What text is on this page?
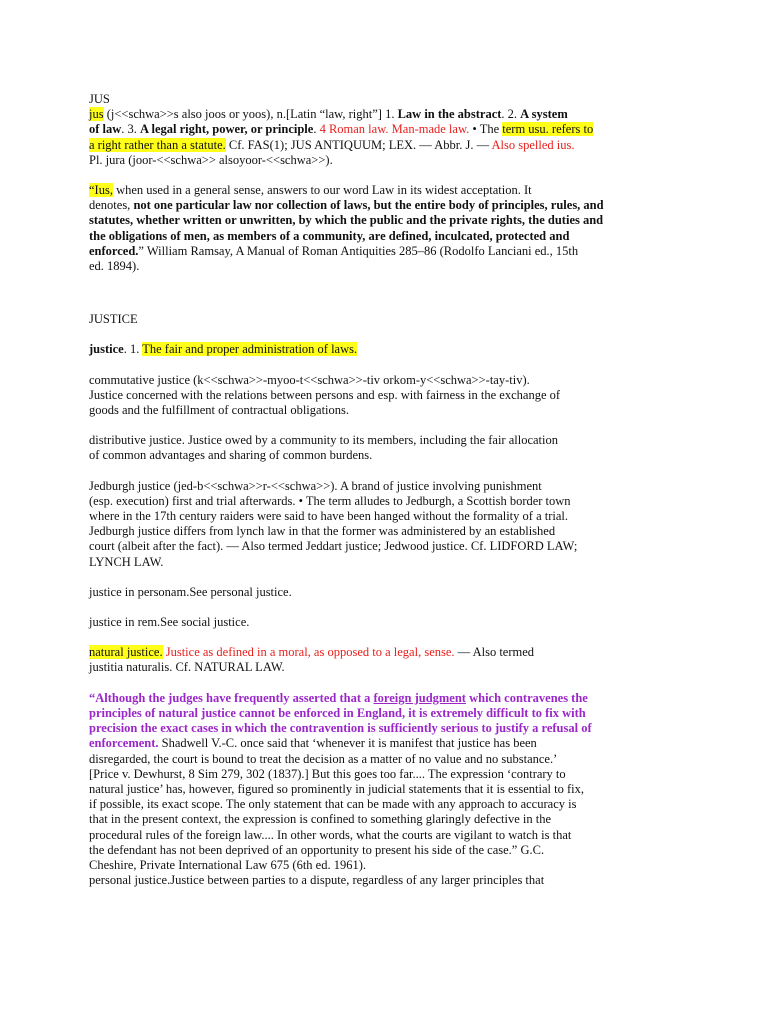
JUS

jus (j<<schwa>>s also joos or yoos), n.[Latin “law, right”] 1. Law in the abstract. 2. A system

of law. 3. A legal right, power, or principle. 4 Roman law. Man-made law. • The term usu. refers to

a right rather than a statute. Cf. FAS(1); JUS ANTIQUUM; LEX. — Abbr. J. — Also spelled ius.

Pl. jura (joor-<<schwa>> alsoyoor-<<schwa>>).

“Ius, when used in a general sense, answers to our word Law in its widest acceptation. It

denotes, not one particular law nor collection of laws, but the entire body of principles, rules, and

statutes, whether written or unwritten, by which the public and the private rights, the duties and

the obligations of men, as members of a community, are defined, inculcated, protected and

enforced.” William Ramsay, A Manual of Roman Antiquities 285–86 (Rodolfo Lanciani ed., 15th

ed. 1894).

JUSTICE

justice. 1. The fair and proper administration of laws.

commutative justice (k<<schwa>>-myoo-t<<schwa>>-tiv orkom-y<<schwa>>-tay-tiv).

Justice concerned with the relations between persons and esp. with fairness in the exchange of

goods and the fulfillment of contractual obligations.

distributive justice. Justice owed by a community to its members, including the fair allocation

of common advantages and sharing of common burdens.

Jedburgh justice (jed-b<<schwa>>r-<<schwa>>). A brand of justice involving punishment

(esp. execution) first and trial afterwards. • The term alludes to Jedburgh, a Scottish border town

where in the 17th century raiders were said to have been hanged without the formality of a trial.

Jedburgh justice differs from lynch law in that the former was administered by an established

court (albeit after the fact). — Also termed Jeddart justice; Jedwood justice. Cf. LIDFORD LAW;

LYNCH LAW.

justice in personam.See personal justice.

justice in rem.See social justice.

natural justice. Justice as defined in a moral, as opposed to a legal, sense. — Also termed

justitia naturalis. Cf. NATURAL LAW.

“Although the judges have frequently asserted that a foreign judgment which contravenes the

principles of natural justice cannot be enforced in England, it is extremely difficult to fix with

precision the exact cases in which the contravention is sufficiently serious to justify a refusal of

enforcement. Shadwell V.-C. once said that ‘whenever it is manifest that justice has been

disregarded, the court is bound to treat the decision as a matter of no value and no substance.’

[Price v. Dewhurst, 8 Sim 279, 302 (1837).] But this goes too far.... The expression ‘contrary to

natural justice’ has, however, figured so prominently in judicial statements that it is essential to fix,

if possible, its exact scope. The only statement that can be made with any approach to accuracy is

that in the present context, the expression is confined to something glaringly defective in the

procedural rules of the foreign law.... In other words, what the courts are vigilant to watch is that

the defendant has not been deprived of an opportunity to present his side of the case.” G.C.

Cheshire, Private International Law 675 (6th ed. 1961).

personal justice.Justice between parties to a dispute, regardless of any larger principles that
